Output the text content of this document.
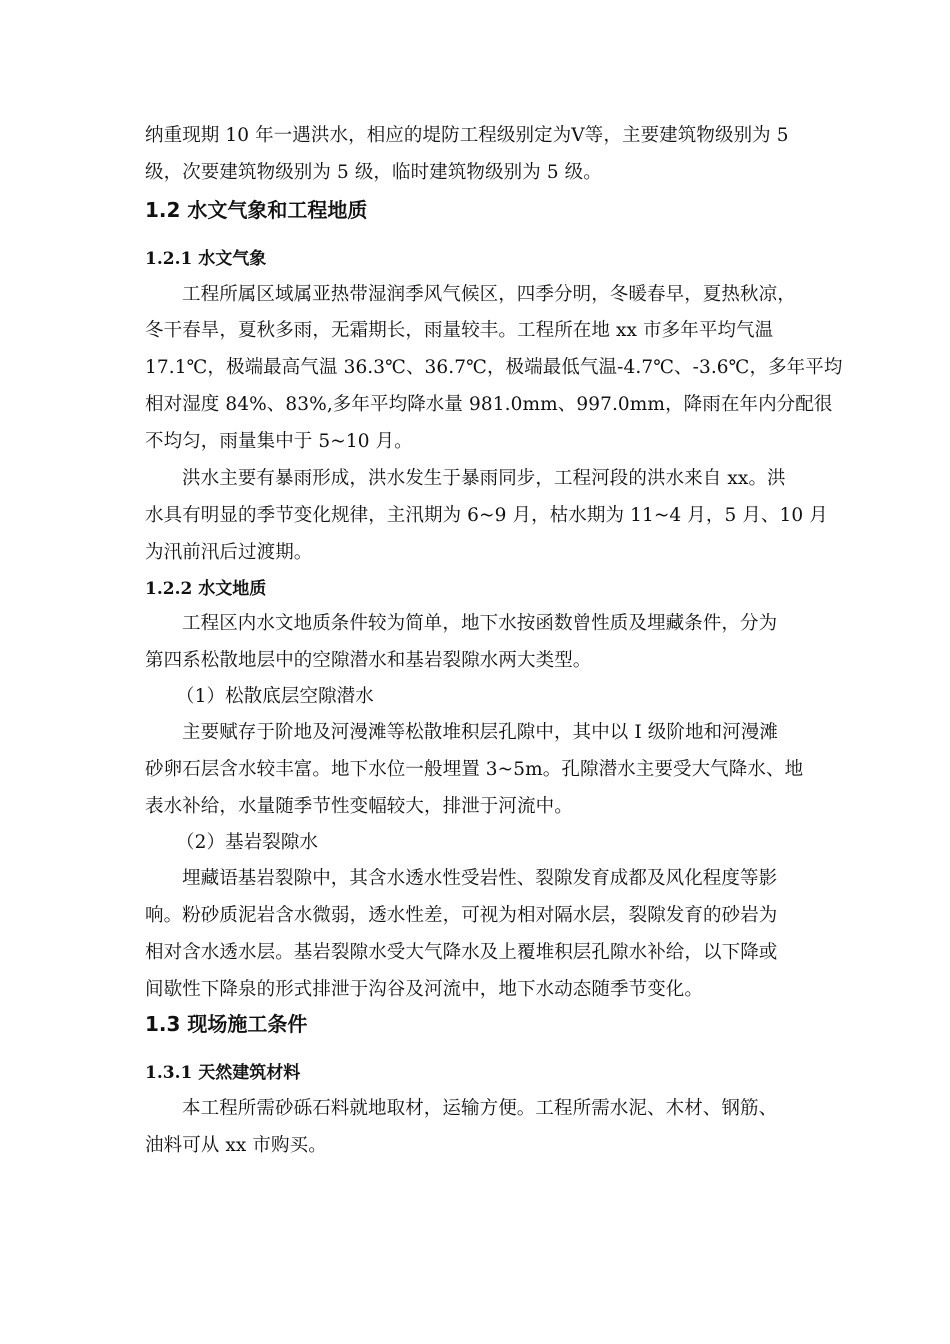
纳重现期 10 年一遇洪水，相应的堤防工程级别定为Ⅴ等，主要建筑物级别为 5

级，次要建筑物级别为 5 级，临时建筑物级别为 5 级。

1.2 水文气象和工程地质
1.2.1 水文气象

工程所属区域属亚热带湿润季风气候区，四季分明，冬暖春早，夏热秋凉，

冬干春旱，夏秋多雨，无霜期长，雨量较丰。工程所在地 xx 市多年平均气温

17.1℃，极端最高气温 36.3℃、36.7℃，极端最低气温-4.7℃、-3.6℃，多年平均

相对湿度 84%、83%,多年平均降水量 981.0mm、997.0mm，降雨在年内分配很

不均匀，雨量集中于 5~10 月。

洪水主要有暴雨形成，洪水发生于暴雨同步，工程河段的洪水来自 xx。洪

水具有明显的季节变化规律，主汛期为 6~9 月，枯水期为 11~4 月，5 月、10 月

为汛前汛后过渡期。

1.2.2 水文地质

工程区内水文地质条件较为简单，地下水按函数曾性质及埋藏条件，分为

第四系松散地层中的空隙潜水和基岩裂隙水两大类型。

（1）松散底层空隙潜水

主要赋存于阶地及河漫滩等松散堆积层孔隙中，其中以 I 级阶地和河漫滩

砂卵石层含水较丰富。地下水位一般埋置 3~5m。孔隙潜水主要受大气降水、地

表水补给，水量随季节性变幅较大，排泄于河流中。

（2）基岩裂隙水

埋藏语基岩裂隙中，其含水透水性受岩性、裂隙发育成都及风化程度等影

响。粉砂质泥岩含水微弱，透水性差，可视为相对隔水层，裂隙发育的砂岩为

相对含水透水层。基岩裂隙水受大气降水及上覆堆积层孔隙水补给，以下降或

间歇性下降泉的形式排泄于沟谷及河流中，地下水动态随季节变化。

1.3 现场施工条件
1.3.1 天然建筑材料

本工程所需砂砾石料就地取材，运输方便。工程所需水泥、木材、钢筋、

油料可从 xx 市购买。
